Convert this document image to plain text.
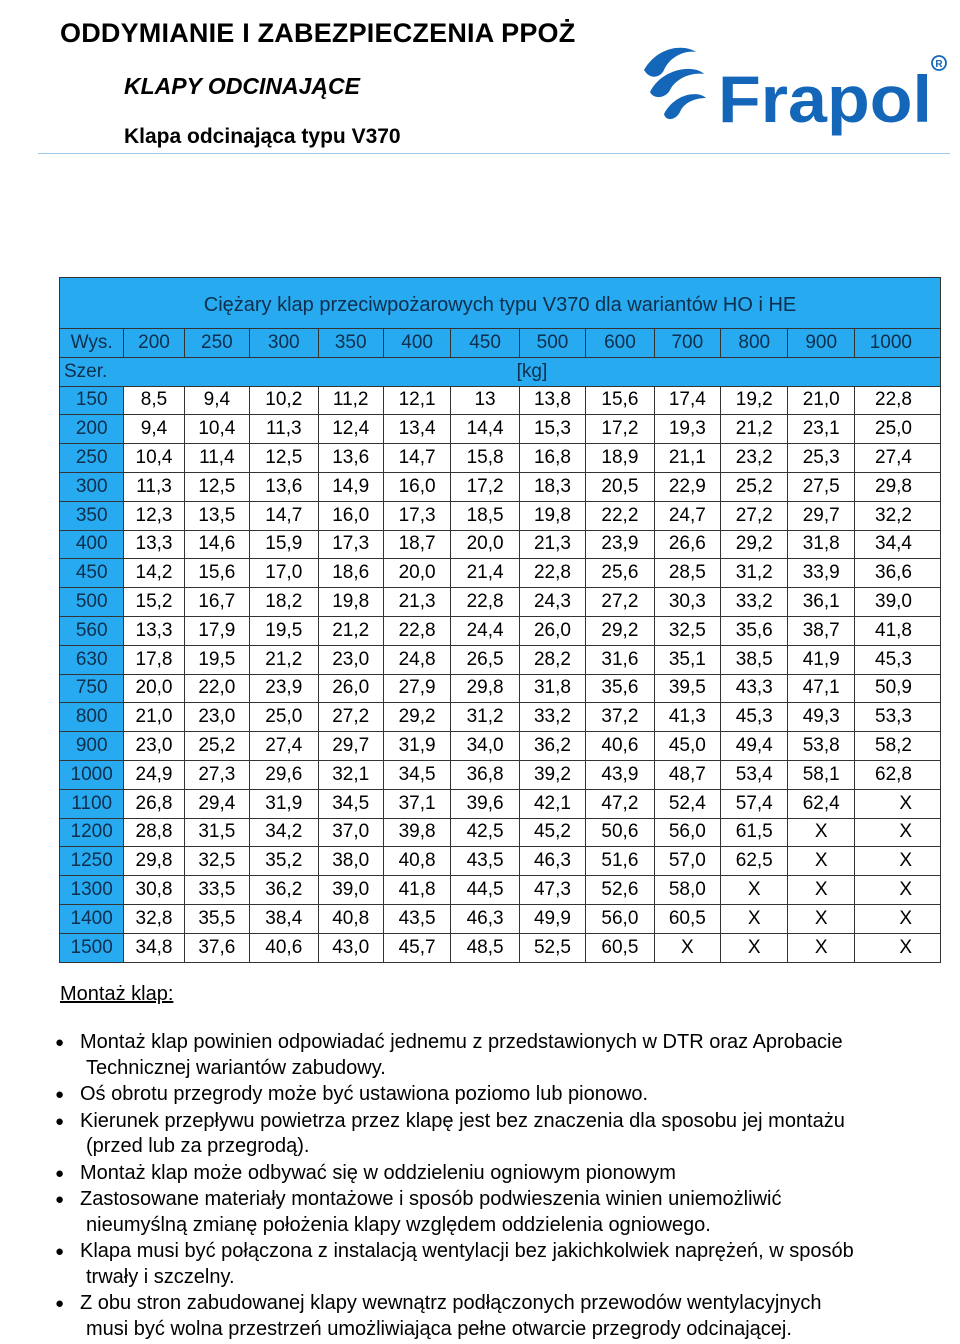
ODDYMIANIE I ZABEZPIECZENIA PPOŻ
KLAPY ODCINAJĄCE
Klapa odcinająca typu V370
Frapol R
Ciężary klap przeciwpożarowych typu V370 dla wariantów HO i HE												
Wys.	200	250	300	350	400	450	500	600	700	800	900	1000
Szer.	[kg]											
150	8,5	9,4	10,2	11,2	12,1	13	13,8	15,6	17,4	19,2	21,0	22,8
200	9,4	10,4	11,3	12,4	13,4	14,4	15,3	17,2	19,3	21,2	23,1	25,0
250	10,4	11,4	12,5	13,6	14,7	15,8	16,8	18,9	21,1	23,2	25,3	27,4
300	11,3	12,5	13,6	14,9	16,0	17,2	18,3	20,5	22,9	25,2	27,5	29,8
350	12,3	13,5	14,7	16,0	17,3	18,5	19,8	22,2	24,7	27,2	29,7	32,2
400	13,3	14,6	15,9	17,3	18,7	20,0	21,3	23,9	26,6	29,2	31,8	34,4
450	14,2	15,6	17,0	18,6	20,0	21,4	22,8	25,6	28,5	31,2	33,9	36,6
500	15,2	16,7	18,2	19,8	21,3	22,8	24,3	27,2	30,3	33,2	36,1	39,0
560	13,3	17,9	19,5	21,2	22,8	24,4	26,0	29,2	32,5	35,6	38,7	41,8
630	17,8	19,5	21,2	23,0	24,8	26,5	28,2	31,6	35,1	38,5	41,9	45,3
750	20,0	22,0	23,9	26,0	27,9	29,8	31,8	35,6	39,5	43,3	47,1	50,9
800	21,0	23,0	25,0	27,2	29,2	31,2	33,2	37,2	41,3	45,3	49,3	53,3
900	23,0	25,2	27,4	29,7	31,9	34,0	36,2	40,6	45,0	49,4	53,8	58,2
1000	24,9	27,3	29,6	32,1	34,5	36,8	39,2	43,9	48,7	53,4	58,1	62,8
1100	26,8	29,4	31,9	34,5	37,1	39,6	42,1	47,2	52,4	57,4	62,4	X
1200	28,8	31,5	34,2	37,0	39,8	42,5	45,2	50,6	56,0	61,5	X	X
1250	29,8	32,5	35,2	38,0	40,8	43,5	46,3	51,6	57,0	62,5	X	X
1300	30,8	33,5	36,2	39,0	41,8	44,5	47,3	52,6	58,0	X	X	X
1400	32,8	35,5	38,4	40,8	43,5	46,3	49,9	56,0	60,5	X	X	X
1500	34,8	37,6	40,6	43,0	45,7	48,5	52,5	60,5	X	X	X	X
Montaż klap:
● Montaż klap powinien odpowiadać jednemu z przedstawionych w DTR oraz Aprobacie
Technicznej wariantów zabudowy.
● Oś obrotu przegrody może być ustawiona poziomo lub pionowo.
● Kierunek przepływu powietrza przez klapę jest bez znaczenia dla sposobu jej montażu
(przed lub za przegrodą).
● Montaż klap może odbywać się w oddzieleniu ogniowym pionowym
● Zastosowane materiały montażowe i sposób podwieszenia winien uniemożliwić
nieumyślną zmianę położenia klapy względem oddzielenia ogniowego.
● Klapa musi być połączona z instalacją wentylacji bez jakichkolwiek naprężeń, w sposób
trwały i szczelny.
● Z obu stron zabudowanej klapy wewnątrz podłączonych przewodów wentylacyjnych
musi być wolna przestrzeń umożliwiająca pełne otwarcie przegrody odcinającej.
